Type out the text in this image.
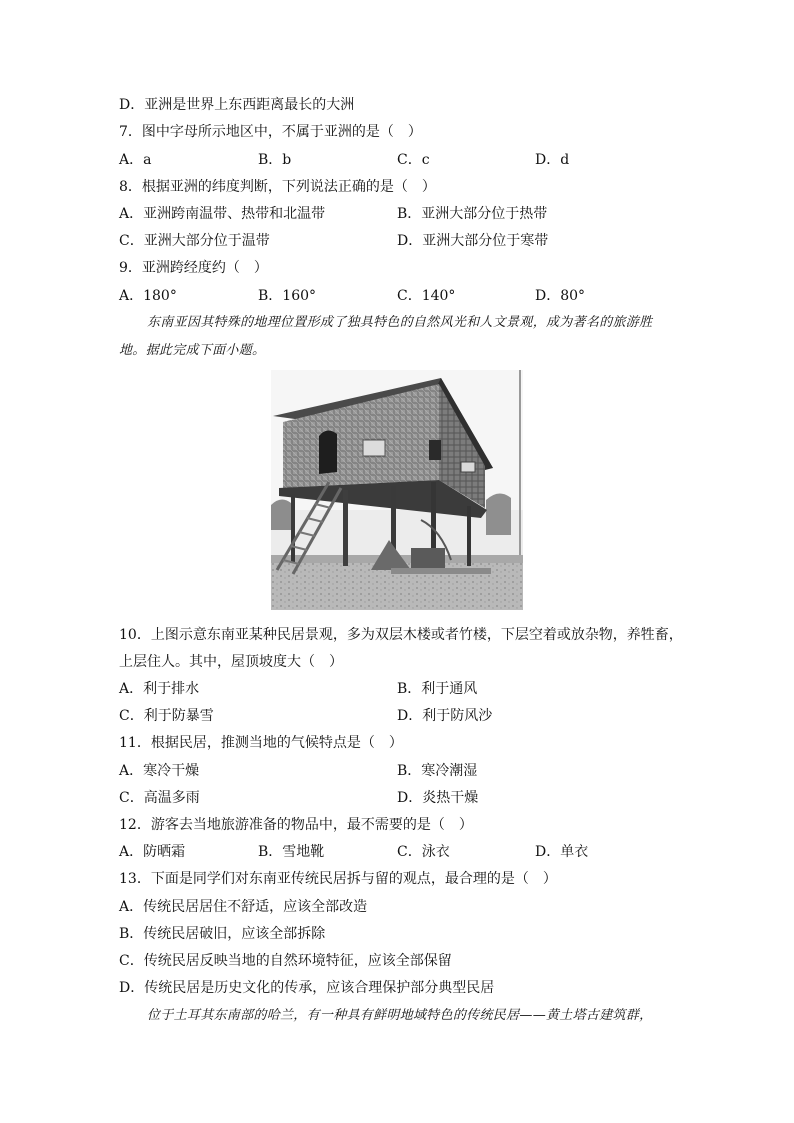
D．亚洲是世界上东西距离最长的大洲
7．图中字母所示地区中，不属于亚洲的是（　）
A．a	B．b	C．c	D．d
8．根据亚洲的纬度判断，下列说法正确的是（　）
A．亚洲跨南温带、热带和北温带	B．亚洲大部分位于热带
C．亚洲大部分位于温带	D．亚洲大部分位于寒带
9．亚洲跨经度约（　）
A．180°	B．160°	C．140°	D．80°
东南亚因其特殊的地理位置形成了独具特色的自然风光和人文景观，成为著名的旅游胜
地。据此完成下面小题。
10．上图示意东南亚某种民居景观，多为双层木楼或者竹楼，下层空着或放杂物，养牲畜，
上层住人。其中，屋顶坡度大（　）
A．利于排水	B．利于通风
C．利于防暴雪	D．利于防风沙
11．根据民居，推测当地的气候特点是（　）
A．寒冷干燥	B．寒冷潮湿
C．高温多雨	D．炎热干燥
12．游客去当地旅游准备的物品中，最不需要的是（　）
A．防晒霜	B．雪地靴	C．泳衣	D．单衣
13．下面是同学们对东南亚传统民居拆与留的观点，最合理的是（　）
A．传统民居居住不舒适，应该全部改造
B．传统民居破旧，应该全部拆除
C．传统民居反映当地的自然环境特征，应该全部保留
D．传统民居是历史文化的传承，应该合理保护部分典型民居
位于土耳其东南部的哈兰，有一种具有鲜明地域特色的传统民居——黄土塔古建筑群，
